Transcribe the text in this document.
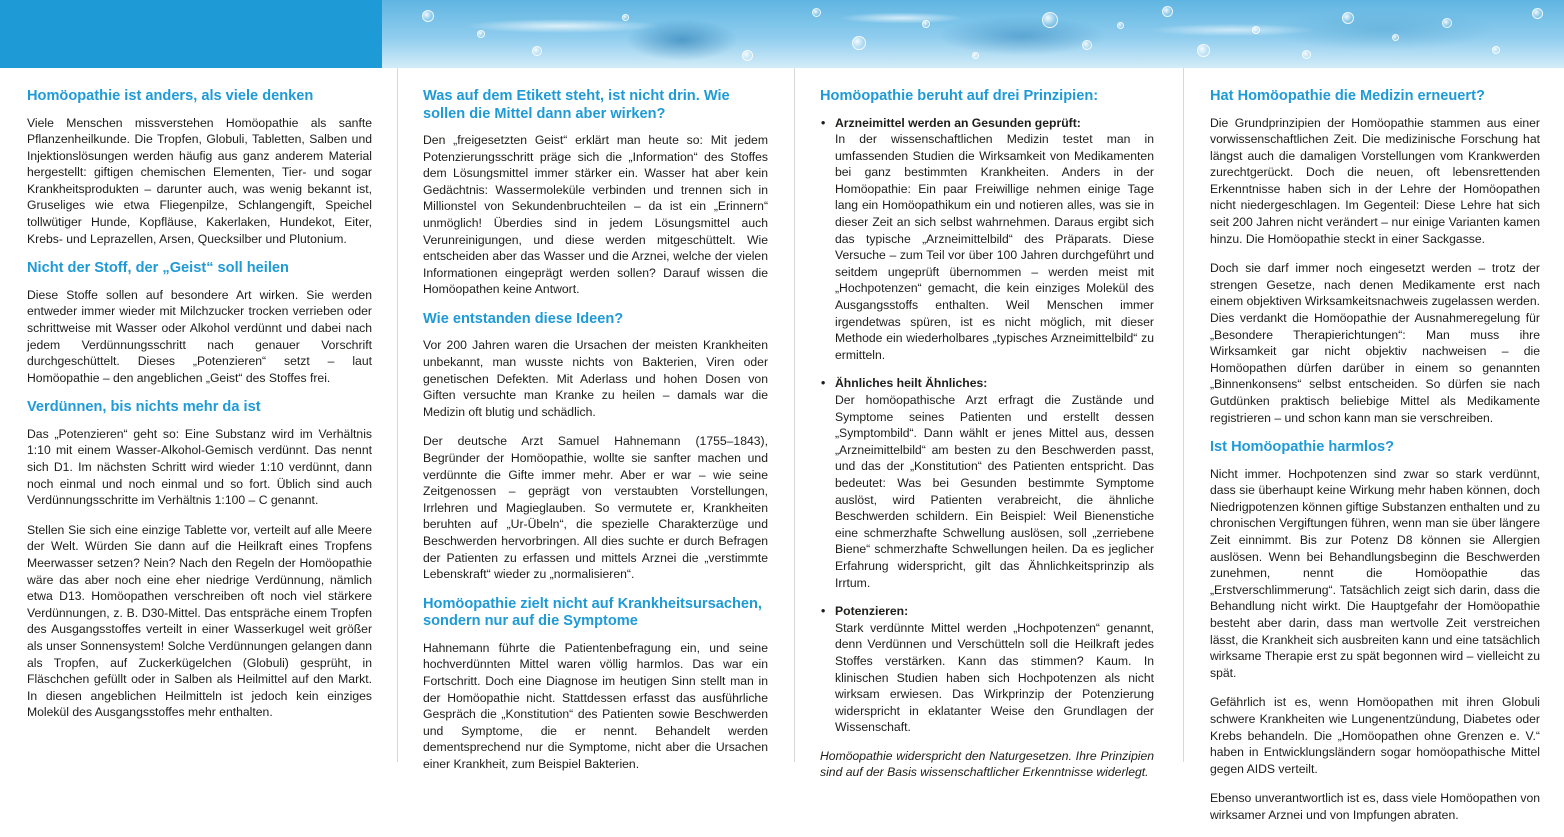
Homöopathie ist anders, als viele denken

Viele Menschen missverstehen Homöopathie als sanfte Pflanzenheilkunde. Die Tropfen, Globuli, Tabletten, Salben und Injektionslösungen werden häufig aus ganz anderem Material hergestellt: giftigen chemischen Elementen, Tier- und sogar Krankheitsprodukten – darunter auch, was wenig bekannt ist, Gruseliges wie etwa Fliegenpilze, Schlangengift, Speichel tollwütiger Hunde, Kopfläuse, Kakerlaken, Hundekot, Eiter, Krebs- und Leprazellen, Arsen, Quecksilber und Plutonium.

Nicht der Stoff, der „Geist“ soll heilen

Diese Stoffe sollen auf besondere Art wirken. Sie werden entweder immer wieder mit Milchzucker trocken verrieben oder schrittweise mit Wasser oder Alkohol verdünnt und dabei nach jedem Verdünnungsschritt nach genauer Vorschrift durchgeschüttelt. Dieses „Potenzieren“ setzt – laut Homöopathie – den angeblichen „Geist“ des Stoffes frei.

Verdünnen, bis nichts mehr da ist

Das „Potenzieren“ geht so: Eine Substanz wird im Verhältnis 1:10 mit einem Wasser-Alkohol-Gemisch verdünnt. Das nennt sich D1. Im nächsten Schritt wird wieder 1:10 verdünnt, dann noch einmal und noch einmal und so fort. Üblich sind auch Verdünnungsschritte im Verhältnis 1:100 – C genannt.

Stellen Sie sich eine einzige Tablette vor, verteilt auf alle Meere der Welt. Würden Sie dann auf die Heilkraft eines Tropfens Meerwasser setzen? Nein? Nach den Regeln der Homöopathie wäre das aber noch eine eher niedrige Verdünnung, nämlich etwa D13. Homöopathen verschreiben oft noch viel stärkere Verdünnungen, z. B. D30-Mittel. Das entspräche einem Tropfen des Ausgangsstoffes verteilt in einer Wasserkugel weit größer als unser Sonnensystem! Solche Verdünnungen gelangen dann als Tropfen, auf Zuckerkügelchen (Globuli) gesprüht, in Fläschchen gefüllt oder in Salben als Heilmittel auf den Markt. In diesen angeblichen Heilmitteln ist jedoch kein einziges Molekül des Ausgangsstoffes mehr enthalten.

Was auf dem Etikett steht, ist nicht drin. Wie sollen die Mittel dann aber wirken?

Den „freigesetzten Geist“ erklärt man heute so: Mit jedem Potenzierungsschritt präge sich die „Information“ des Stoffes dem Lösungsmittel immer stärker ein. Wasser hat aber kein Gedächtnis: Wassermoleküle verbinden und trennen sich in Millionstel von Sekundenbruchteilen – da ist ein „Erinnern“ unmöglich! Überdies sind in jedem Lösungsmittel auch Verunreinigungen, und diese werden mitgeschüttelt. Wie entscheiden aber das Wasser und die Arznei, welche der vielen Informationen eingeprägt werden sollen? Darauf wissen die Homöopathen keine Antwort.

Wie entstanden diese Ideen?

Vor 200 Jahren waren die Ursachen der meisten Krankheiten unbekannt, man wusste nichts von Bakterien, Viren oder genetischen Defekten. Mit Aderlass und hohen Dosen von Giften versuchte man Kranke zu heilen – damals war die Medizin oft blutig und schädlich.

Der deutsche Arzt Samuel Hahnemann (1755–1843), Begründer der Homöopathie, wollte sie sanfter machen und verdünnte die Gifte immer mehr. Aber er war – wie seine Zeitgenossen – geprägt von verstaubten Vorstellungen, Irrlehren und Magieglauben. So vermutete er, Krankheiten beruhten auf „Ur-Übeln“, die spezielle Charakterzüge und Beschwerden hervorbringen. All dies suchte er durch Befragen der Patienten zu erfassen und mittels Arznei die „verstimmte Lebenskraft“ wieder zu „normalisieren“.

Homöopathie zielt nicht auf Krankheitsursachen, sondern nur auf die Symptome

Hahnemann führte die Patientenbefragung ein, und seine hochverdünnten Mittel waren völlig harmlos. Das war ein Fortschritt. Doch eine Diagnose im heutigen Sinn stellt man in der Homöopathie nicht. Stattdessen erfasst das ausführliche Gespräch die „Konstitution“ des Patienten sowie Beschwerden und Symptome, die er nennt. Behandelt werden dementsprechend nur die Symptome, nicht aber die Ursachen einer Krankheit, zum Beispiel Bakterien.

Homöopathie beruht auf drei Prinzipien:
• Arzneimittel werden an Gesunden geprüft:
In der wissenschaftlichen Medizin testet man in umfassenden Studien die Wirksamkeit von Medikamenten bei ganz bestimmten Krankheiten. Anders in der Homöopathie: Ein paar Freiwillige nehmen einige Tage lang ein Homöopathikum ein und notieren alles, was sie in dieser Zeit an sich selbst wahrnehmen. Daraus ergibt sich das typische „Arzneimittelbild“ des Präparats. Diese Versuche – zum Teil vor über 100 Jahren durchgeführt und seitdem ungeprüft übernommen – werden meist mit „Hochpotenzen“ gemacht, die kein einziges Molekül des Ausgangsstoffs enthalten. Weil Menschen immer irgendetwas spüren, ist es nicht möglich, mit dieser Methode ein wiederholbares „typisches Arzneimittelbild“ zu ermitteln.
• Ähnliches heilt Ähnliches:
Der homöopathische Arzt erfragt die Zustände und Symptome seines Patienten und erstellt dessen „Symptombild“. Dann wählt er jenes Mittel aus, dessen „Arzneimittelbild“ am besten zu den Beschwerden passt, und das der „Konstitution“ des Patienten entspricht. Das bedeutet: Was bei Gesunden bestimmte Symptome auslöst, wird Patienten verabreicht, die ähnliche Beschwerden schildern. Ein Beispiel: Weil Bienenstiche eine schmerzhafte Schwellung auslösen, soll „zerriebene Biene“ schmerzhafte Schwellungen heilen. Da es jeglicher Erfahrung widerspricht, gilt das Ähnlichkeitsprinzip als Irrtum.
• Potenzieren:
Stark verdünnte Mittel werden „Hochpotenzen“ genannt, denn Verdünnen und Verschütteln soll die Heilkraft jedes Stoffes verstärken. Kann das stimmen? Kaum. In klinischen Studien haben sich Hochpotenzen als nicht wirksam erwiesen. Das Wirkprinzip der Potenzierung widerspricht in eklatanter Weise den Grundlagen der Wissenschaft.

Homöopathie widerspricht den Naturgesetzen. Ihre Prinzipien sind auf der Basis wissenschaftlicher Erkenntnisse widerlegt.

Hat Homöopathie die Medizin erneuert?

Die Grundprinzipien der Homöopathie stammen aus einer vorwissenschaftlichen Zeit. Die medizinische Forschung hat längst auch die damaligen Vorstellungen vom Krankwerden zurechtgerückt. Doch die neuen, oft lebensrettenden Erkenntnisse haben sich in der Lehre der Homöopathen nicht niedergeschlagen. Im Gegenteil: Diese Lehre hat sich seit 200 Jahren nicht verändert – nur einige Varianten kamen hinzu. Die Homöopathie steckt in einer Sackgasse.

Doch sie darf immer noch eingesetzt werden – trotz der strengen Gesetze, nach denen Medikamente erst nach einem objektiven Wirksamkeitsnachweis zugelassen werden. Dies verdankt die Homöopathie der Ausnahmeregelung für „Besondere Therapierichtungen“: Man muss ihre Wirksamkeit gar nicht objektiv nachweisen – die Homöopathen dürfen darüber in einem so genannten „Binnenkonsens“ selbst entscheiden. So dürfen sie nach Gutdünken praktisch beliebige Mittel als Medikamente registrieren – und schon kann man sie verschreiben.

Ist Homöopathie harmlos?

Nicht immer. Hochpotenzen sind zwar so stark verdünnt, dass sie überhaupt keine Wirkung mehr haben können, doch Niedrigpotenzen können giftige Substanzen enthalten und zu chronischen Vergiftungen führen, wenn man sie über längere Zeit einnimmt. Bis zur Potenz D8 können sie Allergien auslösen. Wenn bei Behandlungsbeginn die Beschwerden zunehmen, nennt die Homöopathie das „Erstverschlimmerung“. Tatsächlich zeigt sich darin, dass die Behandlung nicht wirkt. Die Hauptgefahr der Homöopathie besteht aber darin, dass man wertvolle Zeit verstreichen lässt, die Krankheit sich ausbreiten kann und eine tatsächlich wirksame Therapie erst zu spät begonnen wird – vielleicht zu spät.

Gefährlich ist es, wenn Homöopathen mit ihren Globuli schwere Krankheiten wie Lungenentzündung, Diabetes oder Krebs behandeln. Die „Homöopathen ohne Grenzen e. V.“ haben in Entwicklungsländern sogar homöopathische Mittel gegen AIDS verteilt.

Ebenso unverantwortlich ist es, dass viele Homöopathen von wirksamer Arznei und von Impfungen abraten.
